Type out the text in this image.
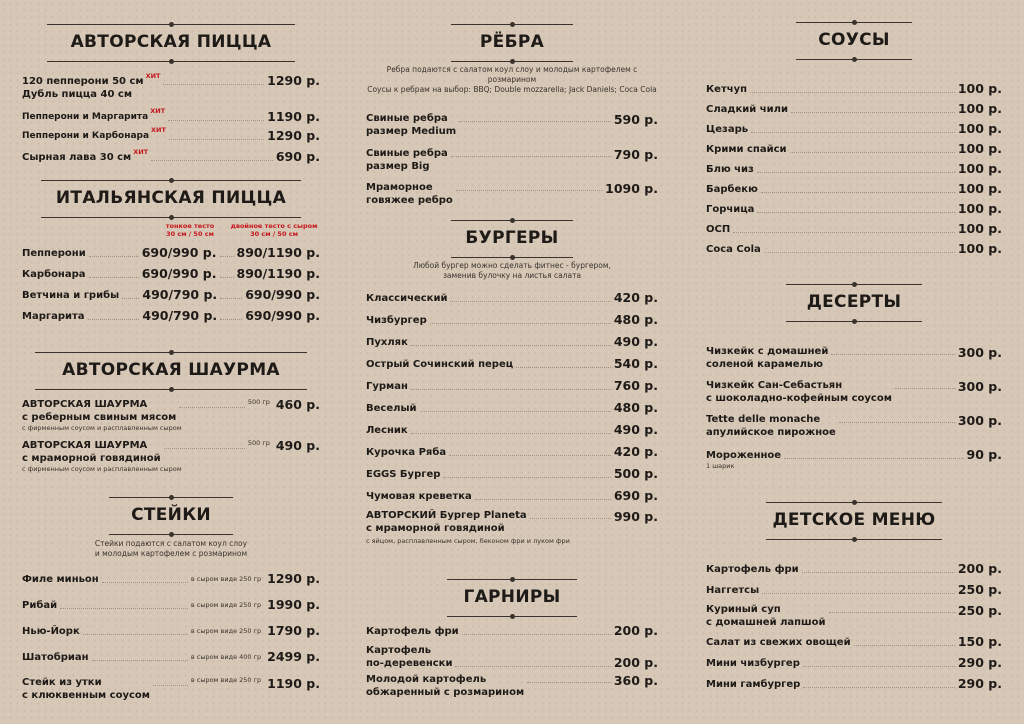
АВТОРСКАЯ ПИЦЦА
120 пепперони 50 см $^{ХИТ}$	1290 р.
Дубль пицца 40 см
Пепперони и Маргарита$^{ХИТ}$	1190 р.
Пепперони и Карбонара$^{ХИТ}$	1290 р.
Сырная лава 30 см $^{ХИТ}$	690 р.
ИТАЛЬЯНСКАЯ ПИЦЦА
тонкое тесто
30 см / 50 см
двойное тесто с сыром
30 см / 50 см
Пепперони	690/990 р. 890/1190 р.
Карбонара	690/990 р. 890/1190 р.
Ветчина и грибы 490/790 р. 690/990 р.
Маргарита	490/790 р. 690/990 р.
АВТОРСКАЯ ШАУРМА
АВТОРСКАЯ ШАУРМА
с реберным свиным мясом
500 гр 460 р.
с фирменным соусом и расплавленным сыром
АВТОРСКАЯ ШАУРМА
с мраморной говядиной
500 гр 490 р.
с фирменным соусом и расплавленным сыром
СТЕЙКИ
Стейки подаются с салатом коул слоу
и молодым картофелем с розмарином
Филе миньон	в сыром виде 250 гр 1290 р.
Рибай	в сыром виде 250 гр 1990 р.
Нью-Йорк	в сыром виде 250 гр 1790 р.
Шатобриан	в сыром виде 400 гр 2499 р.
Стейк из утки
с клюквенным соусом
в сыром виде 250 гр 1190 р.
РЁБРА
Ребра подаются с салатом коул слоу и молодым картофелем с розмарином
Соусы к ребрам на выбор: BBQ; Double mozzarella; Jack Daniels; Coca Cola
Свиные ребра
размер Medium
590 р.
Свиные ребра
размер Big
790 р.
Мраморное
говяжее ребро
1090 р.
БУРГЕРЫ
Любой бургер можно сделать фитнес - бургером,
заменив булочку на листья салата
Классический	420 р.
Чизбургер	480 р.
Пухляк	490 р.
Острый Сочинский перец	540 р.
Гурман	760 р.
Веселый	480 р.
Лесник	490 р.
Курочка Ряба	420 р.
EGGS Бургер	500 р.
Чумовая креветка	690 р.
АВТОРСКИЙ Бургер Planeta
с мраморной говядиной
990 р.
с яйцом, расплавленным сыром, беконом фри и луком фри
ГАРНИРЫ
Картофель фри	200 р.
Картофель
по-деревенски	200 р.
Молодой картофель
обжаренный с розмарином
360 р.
СОУСЫ
Кетчуп	100 р.
Сладкий чили	100 р.
Цезарь	100 р.
Крими спайси	100 р.
Блю чиз	100 р.
Барбекю	100 р.
Горчица	100 р.
ОСП	100 р.
Coca Cola	100 р.
ДЕСЕРТЫ
Чизкейк с домашней
соленой карамелью
300 р.
Чизкейк Сан-Себастьян
с шоколадно-кофейным соусом
300 р.
Tette delle monache
апулийское пирожное
300 р.
Мороженное	90 р.
1 шарик
ДЕТСКОЕ МЕНЮ
Картофель фри	200 р.
Наггетсы	250 р.
Куриный суп
с домашней лапшой
250 р.
Салат из свежих овощей	150 р.
Мини чизбургер	290 р.
Мини гамбургер	290 р.
